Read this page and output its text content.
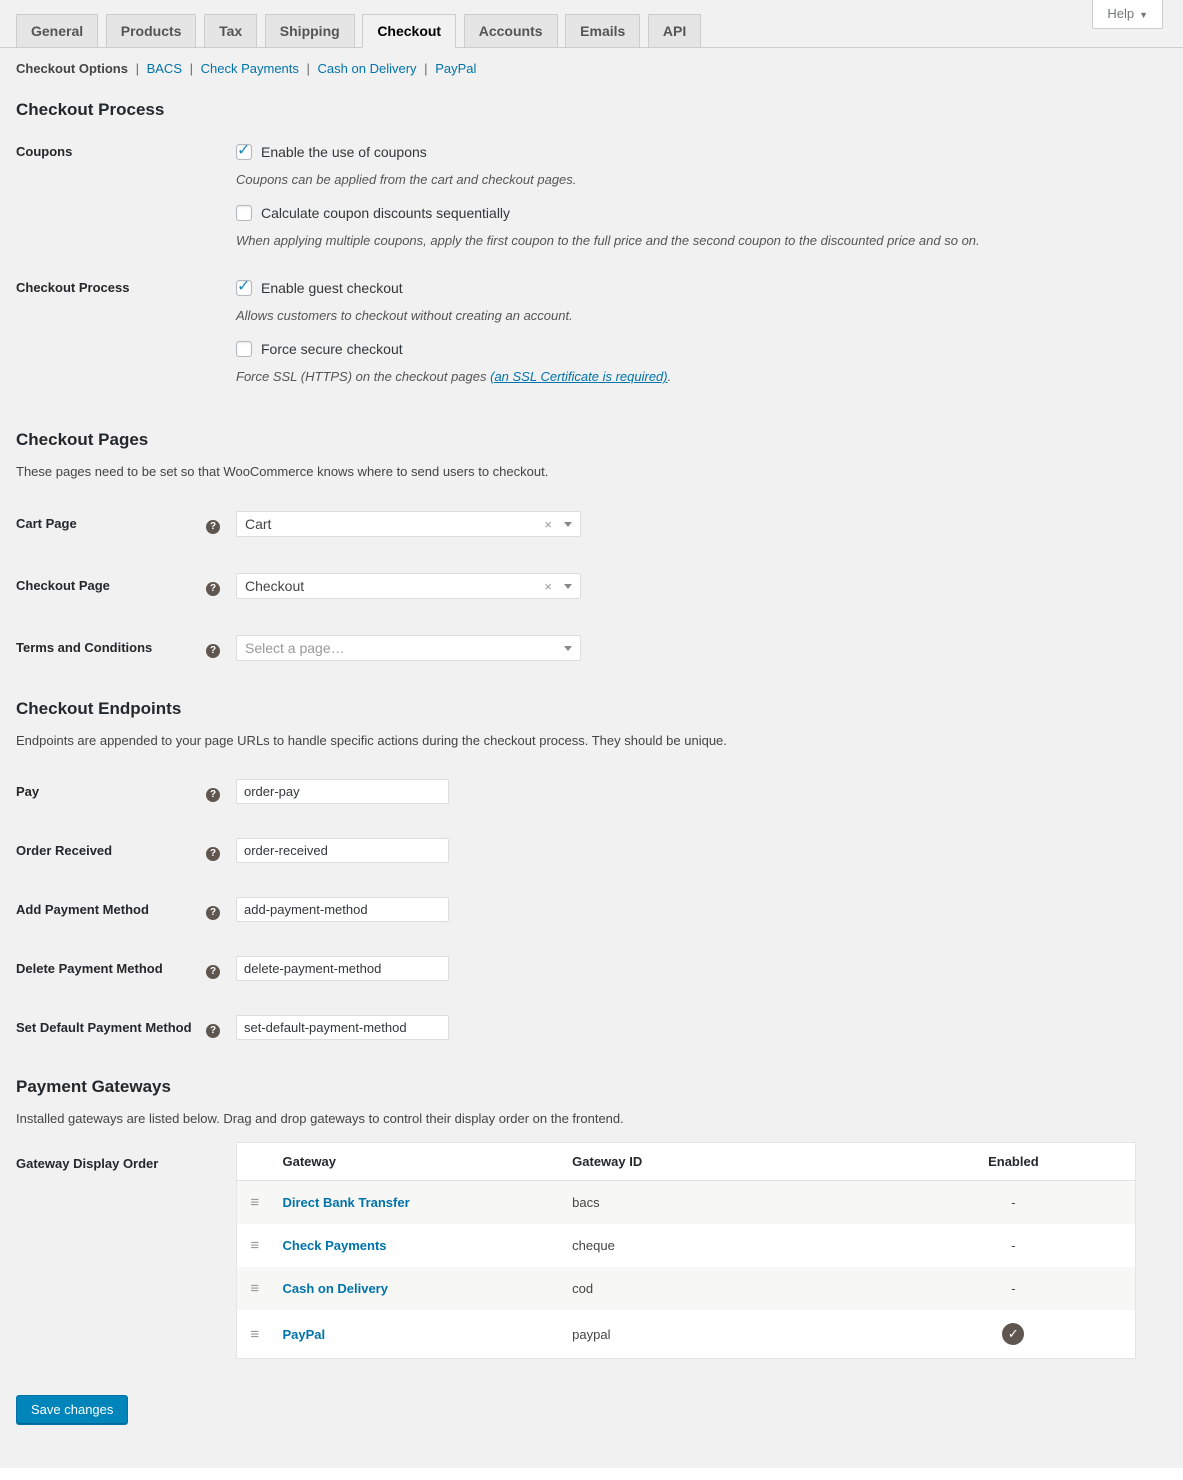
Help ▼
General	Products	Tax	Shipping	Checkout	Accounts	Emails	API
Checkout Options | BACS | Check Payments | Cash on Delivery | PayPal
Checkout Process
Coupons	✓ Enable the use of coupons

Coupons can be applied from the cart and checkout pages.

Calculate coupon discounts sequentially

When applying multiple coupons, apply the first coupon to the full price and the second coupon to the discounted price and so on.

Checkout Process	✓ Enable guest checkout

Allows customers to checkout without creating an account.

Force secure checkout

Force SSL (HTTPS) on the checkout pages (an SSL Certificate is required).

Checkout Pages

These pages need to be set so that WooCommerce knows where to send users to checkout.

Cart Page	?	Cart	×
Checkout Page	?	Checkout	×
Terms and Conditions	?	Select a page…
Checkout Endpoints

Endpoints are appended to your page URLs to handle specific actions during the checkout process. They should be unique.

Pay	?
order-pay
Order Received	?
order-received
Add Payment Method	?
add-payment-method
Delete Payment Method	?
delete-payment-method
Set Default Payment Method	?
set-default-payment-method
Payment Gateways

Installed gateways are listed below. Drag and drop gateways to control their display order on the frontend.

Gateway Display Order
		Gateway	Gateway ID	Enabled
≡	Direct Bank Transfer	bacs	-
≡	Check Payments	cheque	-
≡	Cash on Delivery	cod	-
≡	PayPal	paypal	✓
Save changes
